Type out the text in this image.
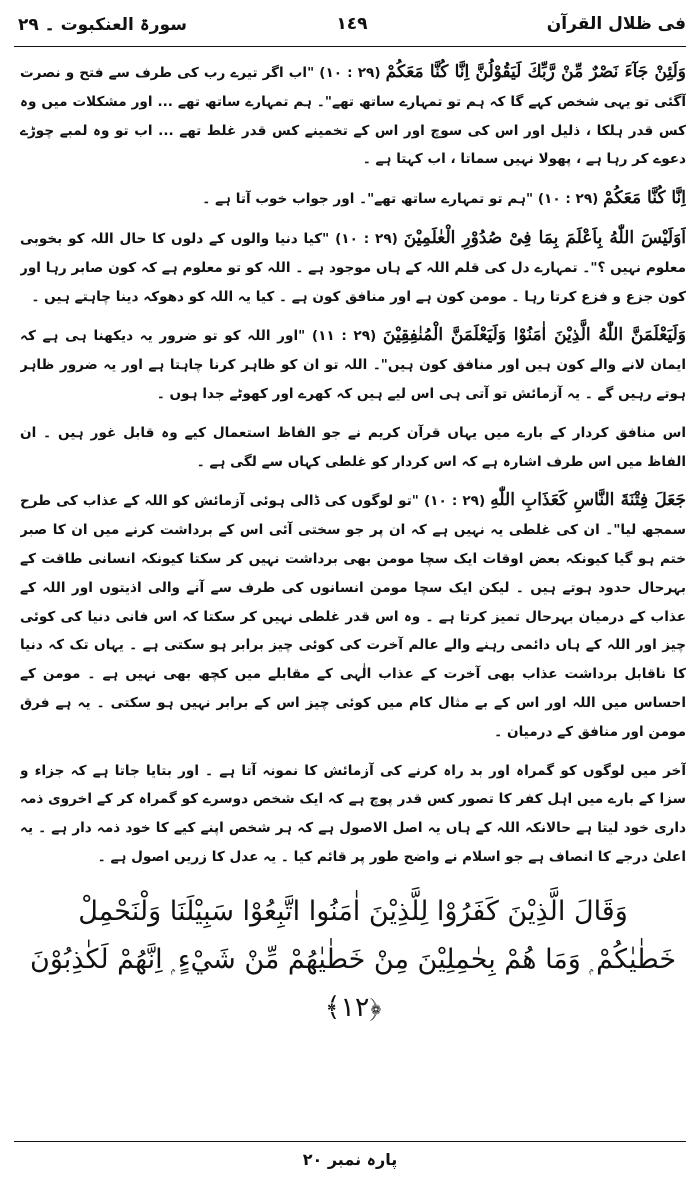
فی ظلال القرآن
١٤٩
سورۃ العنکبوت ۔ ٢٩

وَلَئِنْ جَآءَ نَصْرٌ مِّنْ رَّبِّكَ لَيَقُوْلُنَّ اِنَّا كُنَّا مَعَكُمْ (٢٩ : ١٠) "اب اگر تیرے رب کی طرف سے فتح و نصرت آگئی تو یہی شخص کہے گا کہ ہم تو تمہارے ساتھ تھے"۔ ہم تمہارے ساتھ تھے ... اور مشکلات میں وہ کس قدر ہلکا ، ذلیل اور اس کی سوچ اور اس کے تخمینے کس قدر غلط تھے ... اب تو وہ لمبے چوڑے دعوے کر رہا ہے ، پھولا نہیں سماتا ، اب کہتا ہے ۔

اِنَّا كُنَّا مَعَكُمْ (٢٩ : ١٠) "ہم تو تمہارے ساتھ تھے"۔ اور جواب خوب آتا ہے ۔

اَوَلَيْسَ اللّٰهُ بِاَعْلَمَ بِمَا فِىْ صُدُوْرِ الْعٰلَمِيْنَ (٢٩ : ١٠) "کیا دنیا والوں کے دلوں کا حال اللہ کو بخوبی معلوم نہیں ؟"۔ تمہارے دل کی قلم اللہ کے ہاں موجود ہے ۔ اللہ کو تو معلوم ہے کہ کون صابر رہا اور کون جزع و فزع کرتا رہا ۔ مومن کون ہے اور منافق کون ہے ۔ کیا یہ اللہ کو دھوکہ دینا چاہتے ہیں ۔

وَلَيَعْلَمَنَّ اللّٰهُ الَّذِيْنَ اٰمَنُوْا وَلَيَعْلَمَنَّ الْمُنٰفِقِيْنَ (٢٩ : ١١) "اور اللہ کو تو ضرور یہ دیکھنا ہی ہے کہ ایمان لانے والے کون ہیں اور منافق کون ہیں"۔ اللہ تو ان کو ظاہر کرنا چاہتا ہے اور یہ ضرور ظاہر ہوتے رہیں گے ۔ یہ آزمائش تو آتی ہی اس لیے ہیں کہ کھرے اور کھوٹے جدا ہوں ۔

اس منافق کردار کے بارے میں یہاں قرآن کریم نے جو الفاظ استعمال کیے وہ قابل غور ہیں ۔ ان الفاظ میں اس طرف اشارہ ہے کہ اس کردار کو غلطی کہاں سے لگی ہے ۔

جَعَلَ فِتْنَةَ النَّاسِ كَعَذَابِ اللّٰهِ (٢٩ : ١٠) "تو لوگوں کی ڈالی ہوئی آزمائش کو اللہ کے عذاب کی طرح سمجھ لیا"۔ ان کی غلطی یہ نہیں ہے کہ ان پر جو سختی آئی اس کے برداشت کرنے میں ان کا صبر ختم ہو گیا کیونکہ بعض اوقات ایک سچا مومن بھی برداشت نہیں کر سکتا کیونکہ انسانی طاقت کے بہرحال حدود ہوتے ہیں ۔ لیکن ایک سچا مومن انسانوں کی طرف سے آنے والی اذیتوں اور اللہ کے عذاب کے درمیان بہرحال تمیز کرتا ہے ۔ وہ اس قدر غلطی نہیں کر سکتا کہ اس فانی دنیا کی کوئی چیز اور اللہ کے ہاں دائمی رہنے والے عالم آخرت کی کوئی چیز برابر ہو سکتی ہے ۔ یہاں تک کہ دنیا کا ناقابل برداشت عذاب بھی آخرت کے عذاب الٰہی کے مقابلے میں کچھ بھی نہیں ہے ۔ مومن کے احساس میں اللہ اور اس کے بے مثال کام میں کوئی چیز اس کے برابر نہیں ہو سکتی ۔ یہ ہے فرق مومن اور منافق کے درمیان ۔

آخر میں لوگوں کو گمراہ اور بد راہ کرنے کی آزمائش کا نمونہ آتا ہے ۔ اور بتایا جاتا ہے کہ جزاء و سزا کے بارے میں اہل کفر کا تصور کس قدر پوچ ہے کہ ایک شخص دوسرے کو گمراہ کر کے اخروی ذمہ داری خود لیتا ہے حالانکہ اللہ کے ہاں یہ اصل الاصول ہے کہ ہر شخص اپنے کیے کا خود ذمہ دار ہے ۔ یہ اعلیٰ درجے کا انصاف ہے جو اسلام نے واضح طور پر قائم کیا ۔ یہ عدل کا زریں اصول ہے ۔

وَقَالَ الَّذِيْنَ كَفَرُوْا لِلَّذِيْنَ اٰمَنُوا اتَّبِعُوْا سَبِيْلَنَا وَلْنَحْمِلْ
خَطٰيٰكُمْ ۭ وَمَا هُمْ بِحٰمِلِيْنَ مِنْ خَطٰيٰهُمْ مِّنْ شَيْءٍ ۭ اِنَّهُمْ لَكٰذِبُوْنَ ﴿١٢﴾
پارہ نمبر ٢٠
